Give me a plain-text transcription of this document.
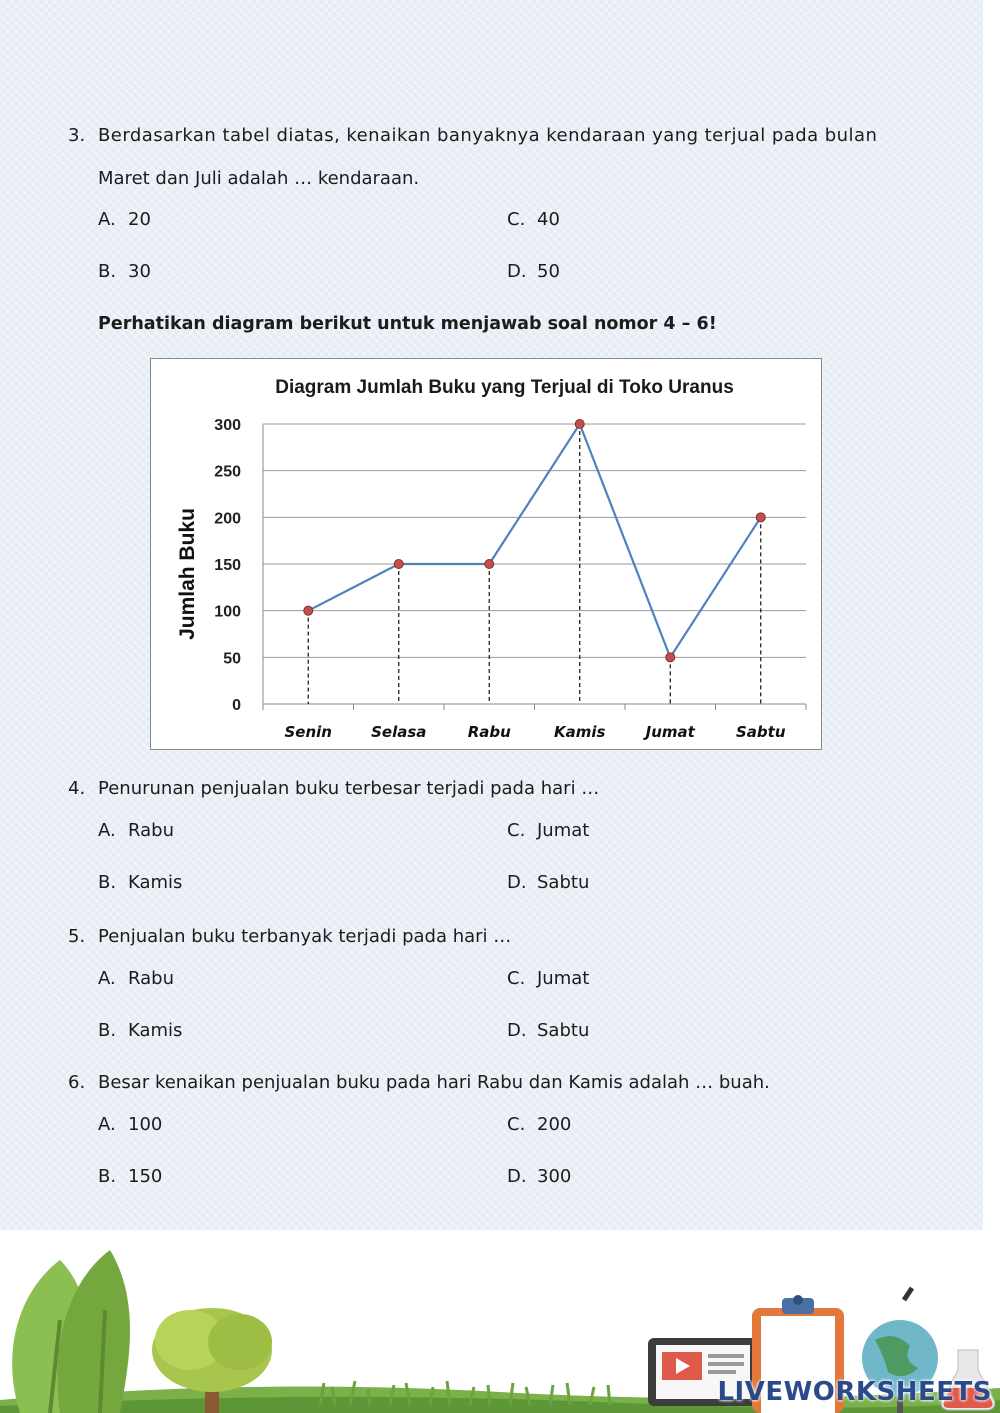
3. Berdasarkan tabel diatas, kenaikan banyaknya kendaraan yang terjual pada bulan
Maret dan Juli adalah … kendaraan.
A. 20
B. 30
C. 40
D. 50
Perhatikan diagram berikut untuk menjawab soal nomor 4 – 6!
Diagram Jumlah Buku yang Terjual di Toko Uranus
0
50
100
150
200
250
300
Jumlah Buku
Senin	Selasa	Rabu	Kamis	Jumat	Sabtu
4. Penurunan penjualan buku terbesar terjadi pada hari …
A. Rabu
B. Kamis
C. Jumat
D. Sabtu
5. Penjualan buku terbanyak terjadi pada hari …
A. Rabu
B. Kamis
C. Jumat
D. Sabtu
6. Besar kenaikan penjualan buku pada hari Rabu dan Kamis adalah … buah.
A. 100
B. 150
C. 200
D. 300
LIVEWORKSHEETS
